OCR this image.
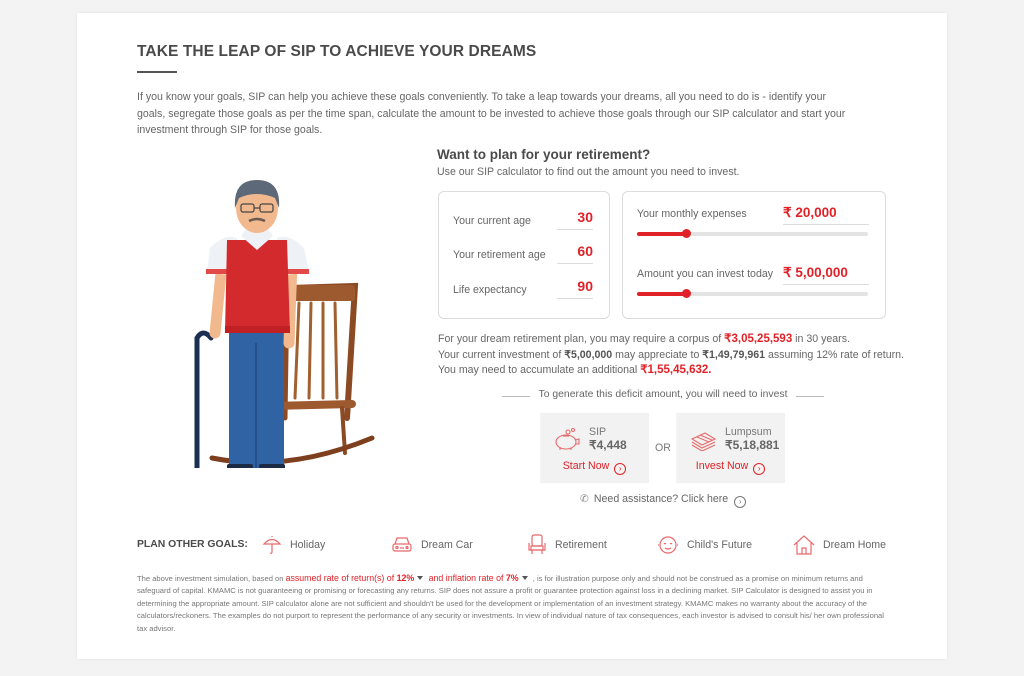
TAKE THE LEAP OF SIP TO ACHIEVE YOUR DREAMS

If you know your goals, SIP can help you achieve these goals conveniently. To take a leap towards your dreams, all you need to do is - identify your goals, segregate those goals as per the time span, calculate the amount to be invested to achieve those goals through our SIP calculator and start your investment through SIP for those goals.

Want to plan for your retirement?

Use our SIP calculator to find out the amount you need to invest.

Your current age	30
Your retirement age	60
Life expectancy	90
Your monthly expenses	₹ 20,000
Amount you can invest today ₹ 5,00,000
For your dream retirement plan, you may require a corpus of ₹3,05,25,593 in 30 years.
Your current investment of ₹5,00,000 may appreciate to ₹1,49,79,961 assuming 12% rate of return.
You may need to accumulate an additional ₹1,55,45,632.
To generate this deficit amount, you will need to invest
SIP
₹4,448
Start Now ›
OR
Lumpsum
₹5,18,881
Invest Now ›
✆ Need assistance? Click here ›
PLAN OTHER GOALS:	Holiday	Dream Car	Retirement	Child's Future	Dream Home

The above investment simulation, based on assumed rate of return(s) of 12% and inflation rate of 7% , is for illustration purpose only and should not be construed as a promise on minimum returns and safeguard of capital. KMAMC is not guaranteeing or promising or forecasting any returns. SIP does not assure a profit or guarantee protection against loss in a declining market. SIP Calculator is designed to assist you in determining the appropriate amount. SIP calculator alone are not sufficient and shouldn't be used for the development or implementation of an investment strategy. KMAMC makes no warranty about the accuracy of the calculators/reckoners. The examples do not purport to represent the performance of any security or investments. In view of individual nature of tax consequences, each investor is advised to consult his/ her own professional tax advisor.
